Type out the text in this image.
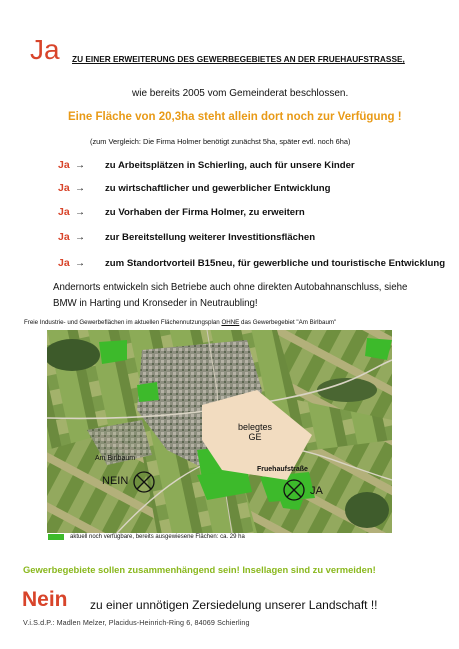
Ja ZU EINER ERWEITERUNG DES GEWERBEGEBIETES AN DER FRUEHAUFSTRASSE,
wie bereits 2005 vom Gemeinderat beschlossen.
Eine Fläche von 20,3ha steht allein dort noch zur Verfügung !
(zum Vergleich: Die Firma Holmer benötigt zunächst 5ha, später evtl. noch 6ha)
Ja →	zu Arbeitsplätzen in Schierling, auch für unsere Kinder
Ja →	zu wirtschaftlicher und gewerblicher Entwicklung
Ja →	zu Vorhaben der Firma Holmer, zu erweitern
Ja →	zur Bereitstellung weiterer Investitionsflächen
Ja →	zum Standortvorteil B15neu, für gewerbliche und touristische Entwicklung
Andernorts entwickeln sich Betriebe auch ohne direkten Autobahnanschluss, siehe BMW in Harting und Kronseder in Neutraubling!
Freie Industrie- und Gewerbeflächen im aktuellen Flächennutzungsplan OHNE das Gewerbegebiet "Am Birlbaum"
belegtes
GE
Am Birlbaum
NEIN
Fruehaufstraße
JA
aktuell noch verfügbare, bereits ausgewiesene Flächen: ca. 29 ha
Gewerbegebiete sollen zusammenhängend sein! Insellagen sind zu vermeiden!
Nein zu einer unnötigen Zersiedelung unserer Landschaft !!
V.i.S.d.P.: Madlen Melzer, Placidus-Heinrich-Ring 6, 84069 Schierling
